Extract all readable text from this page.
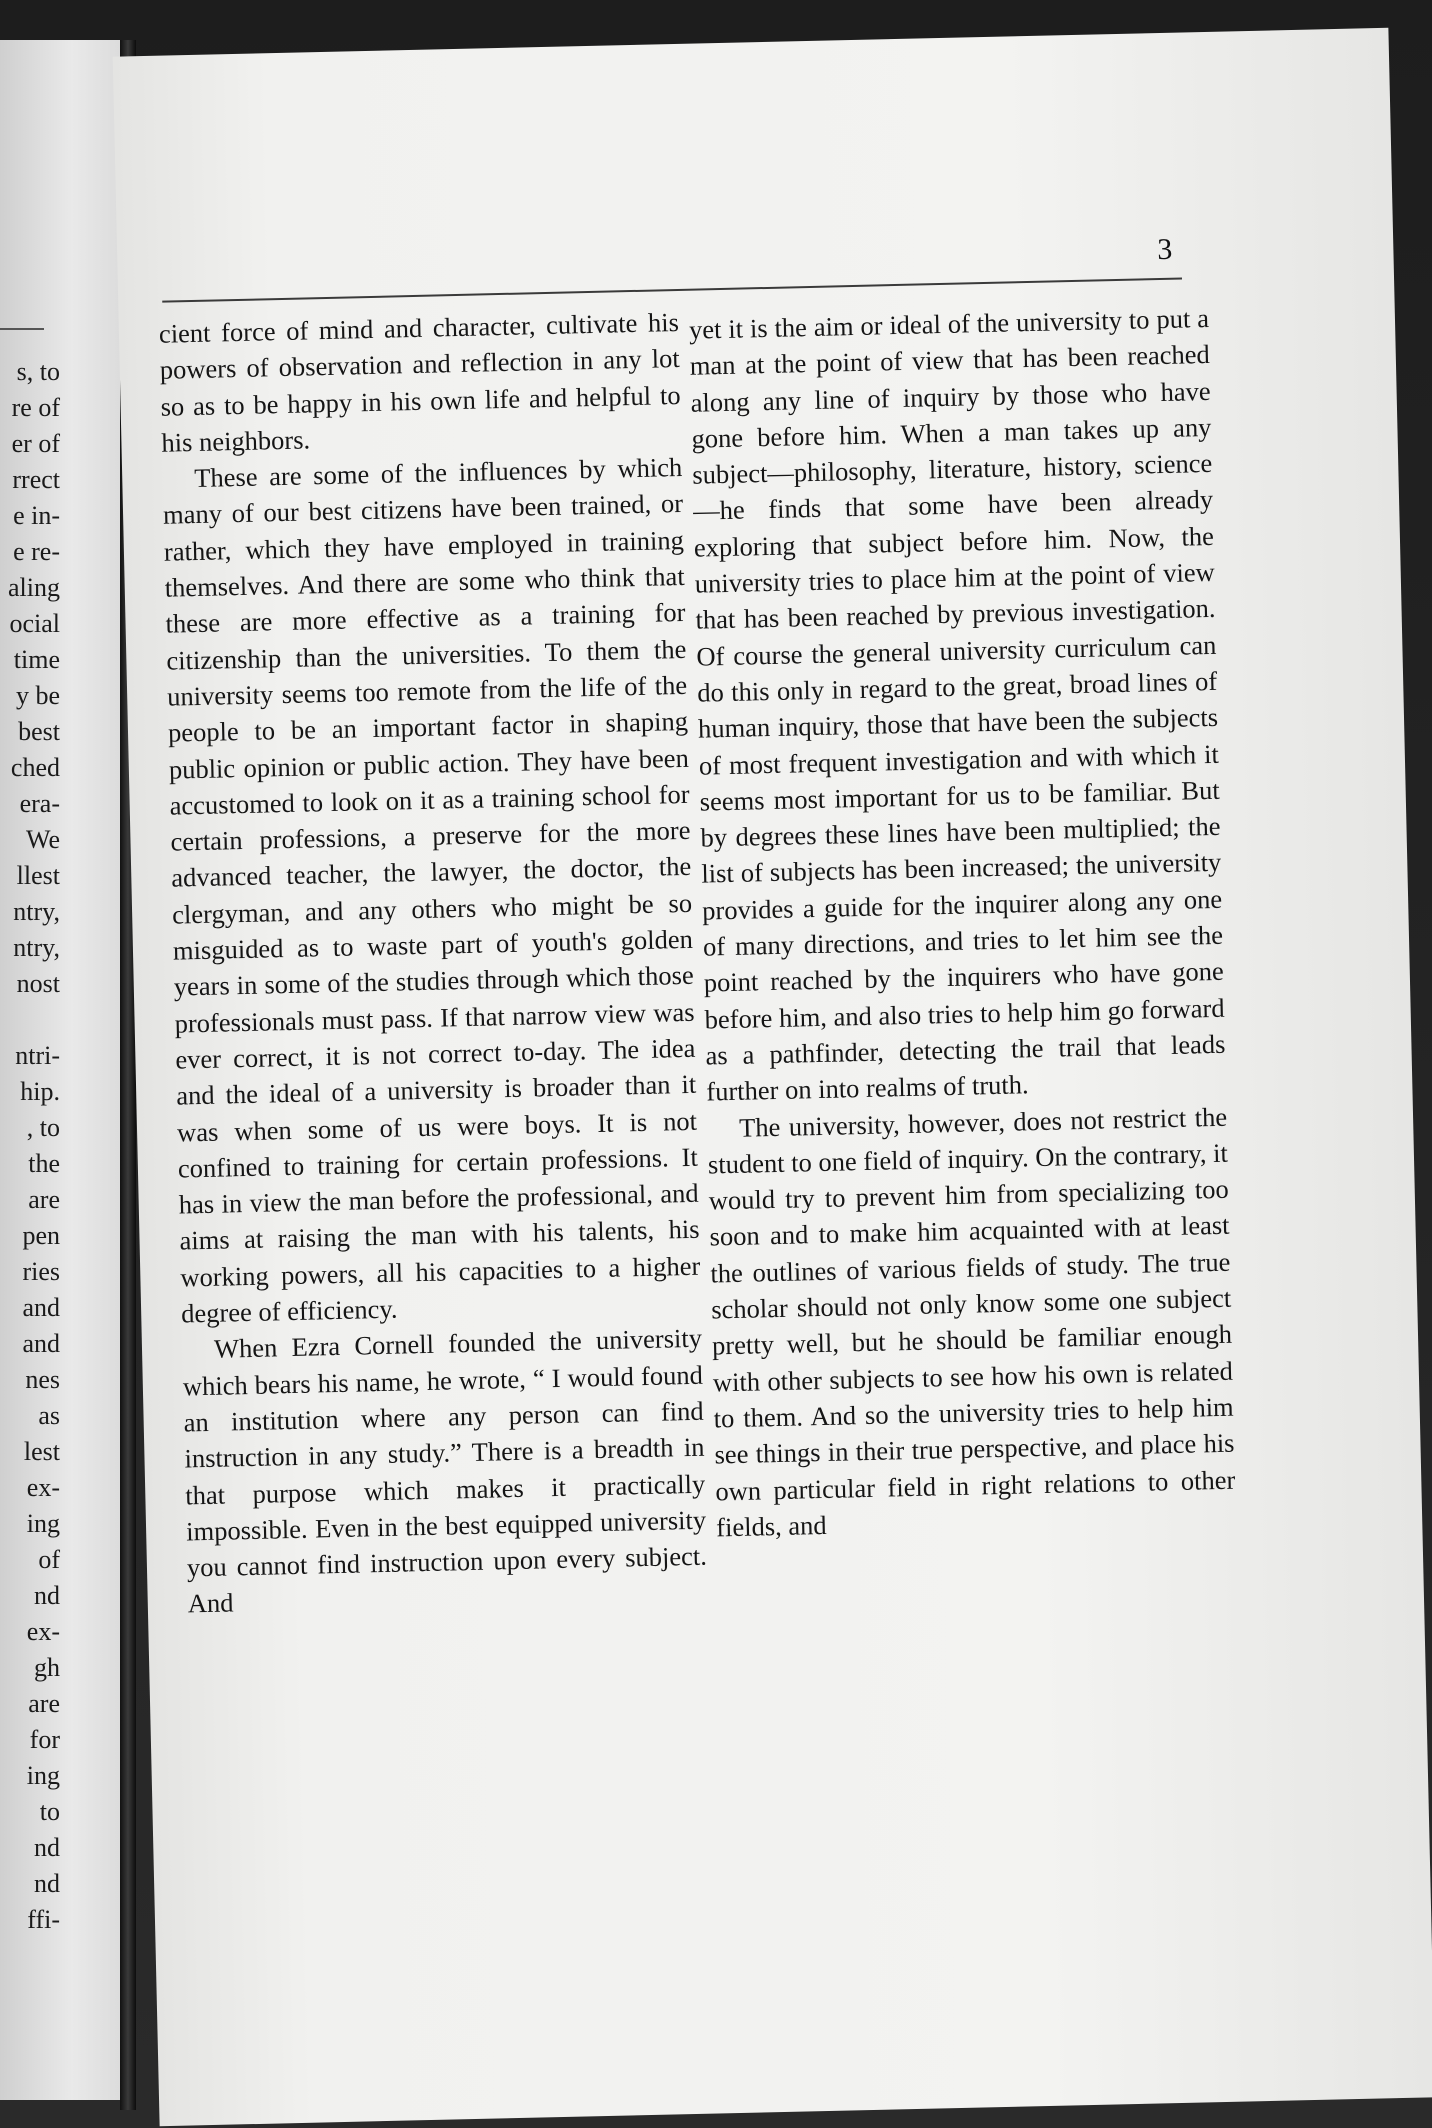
s, to
re of
er of
rrect
e in-
e re-
aling
ocial
time
y be
best
ched
era-
We
llest
ntry,
ntry,
nost

ntri-
hip.
, to
the
are
pen
ries
and
and
nes
as
lest
ex-
ing
of
nd
ex-
gh
are
for
ing
to
nd
nd
ffi-
3

cient force of mind and character, cultivate his powers of observation and reflection in any lot so as to be happy in his own life and helpful to his neighbors.

These are some of the influences by which many of our best citizens have been trained, or rather, which they have employed in training themselves. And there are some who think that these are more effective as a training for citizenship than the universities. To them the university seems too remote from the life of the people to be an important factor in shaping public opinion or public action. They have been accustomed to look on it as a training school for certain professions, a preserve for the more advanced teacher, the lawyer, the doctor, the clergyman, and any others who might be so misguided as to waste part of youth's golden years in some of the studies through which those professionals must pass. If that narrow view was ever correct, it is not correct to-day. The idea and the ideal of a university is broader than it was when some of us were boys. It is not confined to training for certain professions. It has in view the man before the professional, and aims at raising the man with his talents, his working powers, all his capacities to a higher degree of efficiency.

When Ezra Cornell founded the university which bears his name, he wrote, “ I would found an institution where any person can find instruction in any study.” There is a breadth in that purpose which makes it practically impossible. Even in the best equipped university you cannot find instruction upon every subject. And

yet it is the aim or ideal of the university to put a man at the point of view that has been reached along any line of inquiry by those who have gone before him. When a man takes up any subject—philosophy, literature, history, science—he finds that some have been already exploring that subject before him. Now, the university tries to place him at the point of view that has been reached by previous investigation. Of course the general university curriculum can do this only in regard to the great, broad lines of human inquiry, those that have been the subjects of most frequent investigation and with which it seems most important for us to be familiar. But by degrees these lines have been multiplied; the list of subjects has been increased; the university provides a guide for the inquirer along any one of many directions, and tries to let him see the point reached by the inquirers who have gone before him, and also tries to help him go forward as a pathfinder, detecting the trail that leads further on into realms of truth.

The university, however, does not restrict the student to one field of inquiry. On the contrary, it would try to prevent him from specializing too soon and to make him acquainted with at least the outlines of various fields of study. The true scholar should not only know some one subject pretty well, but he should be familiar enough with other subjects to see how his own is related to them. And so the university tries to help him see things in their true perspective, and place his own particular field in right relations to other fields, and
